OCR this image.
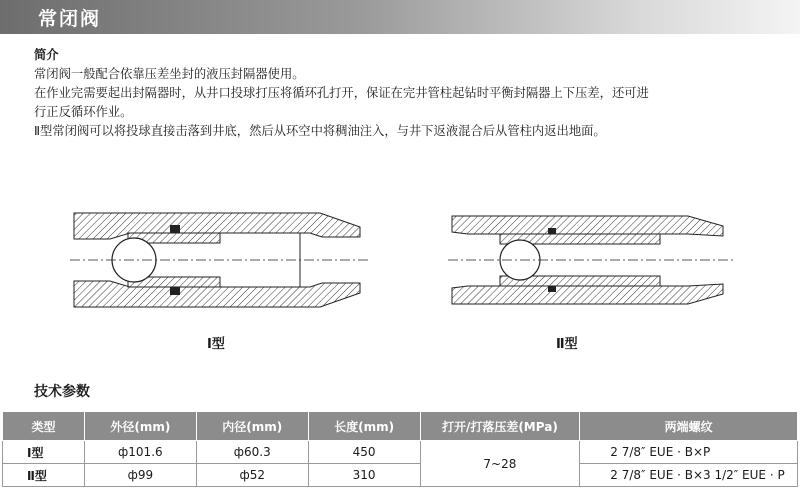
常闭阀

简介

常闭阀一般配合依靠压差坐封的液压封隔器使用。

在作业完需要起出封隔器时，从井口投球打压将循环孔打开，保证在完井管柱起钻时平衡封隔器上下压差，还可进

行正反循环作业。

Ⅱ型常闭阀可以将投球直接击落到井底，然后从环空中将稠油注入，与井下返液混合后从管柱内返出地面。

Ⅰ型	Ⅱ型
技术参数
类型	外径(mm)	内径(mm)	长度(mm)	打开/打落压差(MPa)	两端螺纹
Ⅰ型	ф101.6	ф60.3	450	7~28	2 7/8″ EUE · B×P
Ⅱ型	ф99	ф52	310		2 7/8″ EUE · B×3 1/2″ EUE · P
